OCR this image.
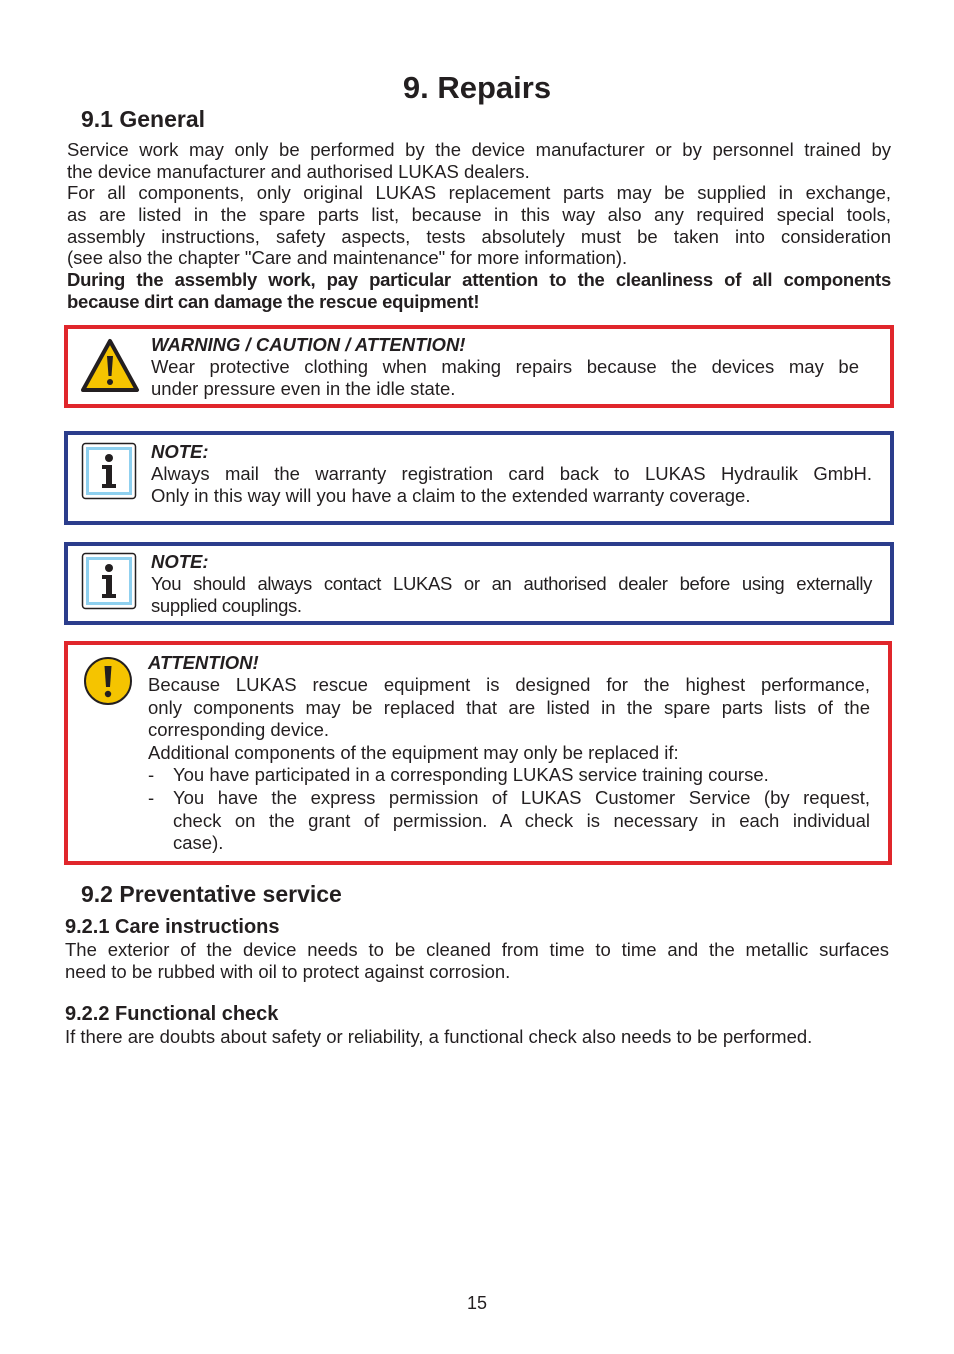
9. Repairs
9.1 General
Service work may only be performed by the device manufacturer or by personnel trained by
the device manufacturer and authorised LUKAS dealers.
For all components, only original LUKAS replacement parts may be supplied in exchange,
as are listed in the spare parts list, because in this way also any required special tools,
assembly instructions, safety aspects, tests absolutely must be taken into consideration
(see also the chapter "Care and maintenance" for more information).
During the assembly work, pay particular attention to the cleanliness of all components
because dirt can damage the rescue equipment!
WARNING / CAUTION / ATTENTION!
Wear protective clothing when making repairs because the devices may be
under pressure even in the idle state.
NOTE:
Always mail the warranty registration card back to LUKAS Hydraulik GmbH.
Only in this way will you have a claim to the extended warranty coverage.
NOTE:
You should always contact LUKAS or an authorised dealer before using externally
supplied couplings.
ATTENTION!
Because LUKAS rescue equipment is designed for the highest performance,
only components may be replaced that are listed in the spare parts lists of the
corresponding device.
Additional components of the equipment may only be replaced if:
- You have participated in a corresponding LUKAS service training course.
- You have the express permission of LUKAS Customer Service (by request,
check on the grant of permission. A check is necessary in each individual
case).
9.2 Preventative service
9.2.1 Care instructions
The exterior of the device needs to be cleaned from time to time and the metallic surfaces
need to be rubbed with oil to protect against corrosion.
9.2.2 Functional check
If there are doubts about safety or reliability, a functional check also needs to be performed.
15
